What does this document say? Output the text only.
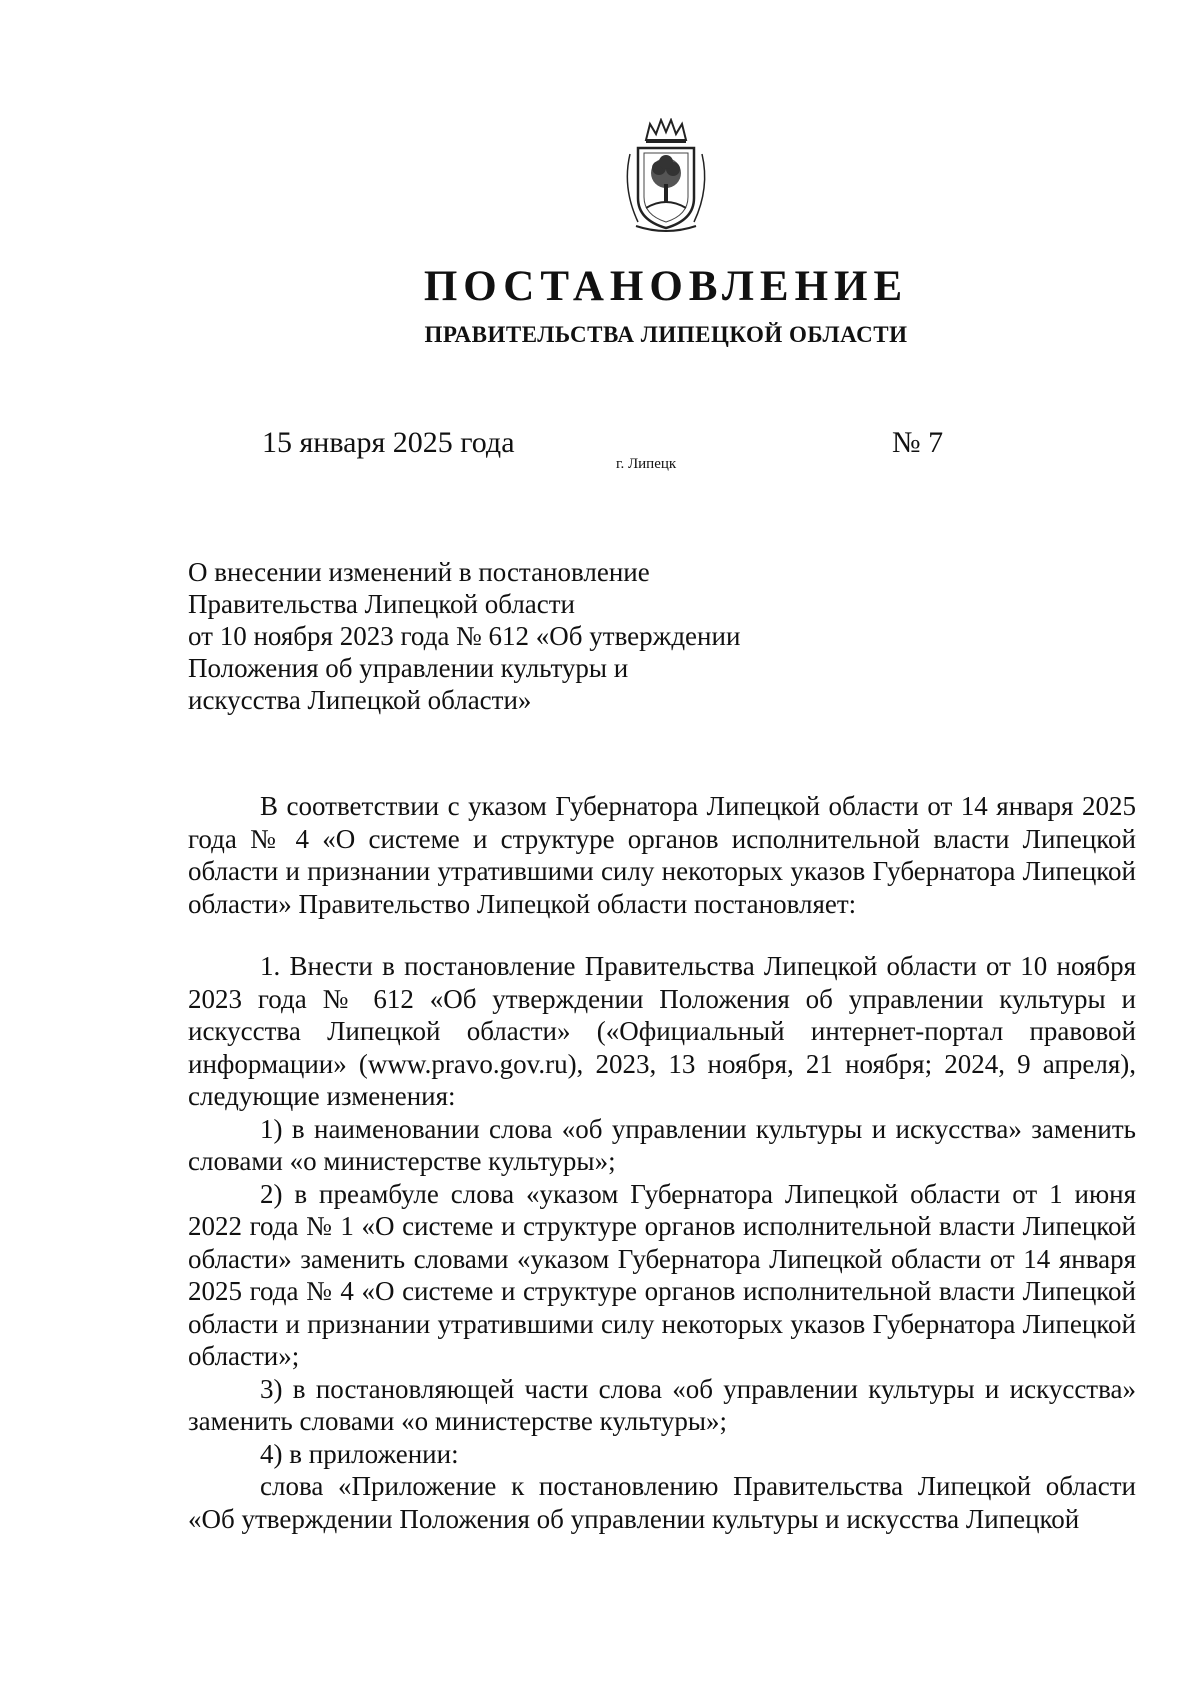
ПОСТАНОВЛЕНИЕ
ПРАВИТЕЛЬСТВА ЛИПЕЦКОЙ ОБЛАСТИ
15 января 2025 года
г. Липецк
№ 7
О внесении изменений в постановление
Правительства Липецкой области
от 10 ноября 2023 года № 612 «Об утверждении
Положения об управлении культуры и
искусства Липецкой области»

В соответствии с указом Губернатора Липецкой области от 14 января 2025 года № 4 «О системе и структуре органов исполнительной власти Липецкой области и признании утратившими силу некоторых указов Губернатора Липецкой области» Правительство Липецкой области постановляет:

1. Внести в постановление Правительства Липецкой области от 10 ноября 2023 года № 612 «Об утверждении Положения об управлении культуры и искусства Липецкой области» («Официальный интернет-портал правовой информации» (www.pravo.gov.ru), 2023, 13 ноября, 21 ноября; 2024, 9 апреля), следующие изменения:

1) в наименовании слова «об управлении культуры и искусства» заменить словами «о министерстве культуры»;

2) в преамбуле слова «указом Губернатора Липецкой области от 1 июня 2022 года № 1 «О системе и структуре органов исполнительной власти Липецкой области» заменить словами «указом Губернатора Липецкой области от 14 января 2025 года № 4 «О системе и структуре органов исполнительной власти Липецкой области и признании утратившими силу некоторых указов Губернатора Липецкой области»;

3) в постановляющей части слова «об управлении культуры и искусства» заменить словами «о министерстве культуры»;

4) в приложении:

слова «Приложение к постановлению Правительства Липецкой области «Об утверждении Положения об управлении культуры и искусства Липецкой
